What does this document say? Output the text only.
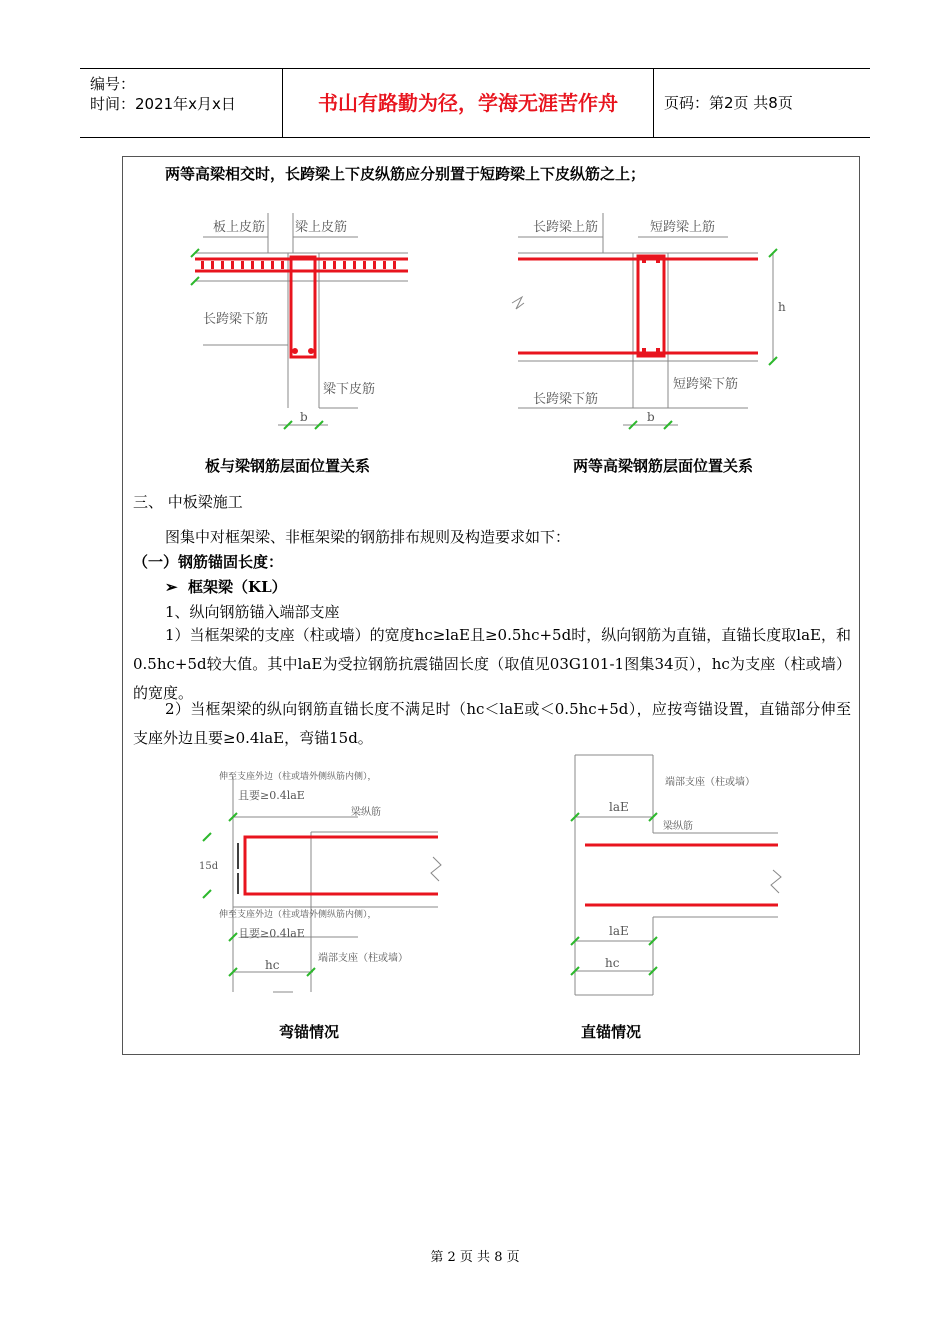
编号：
时间：2021年x月x日	书山有路勤为径，学海无涯苦作舟	页码：第2页 共8页
两等高梁相交时，长跨梁上下皮纵筋应分别置于短跨梁上下皮纵筋之上；
板上皮筋 梁上皮筋
长跨梁下筋
梁下皮筋
b
板与梁钢筋层面位置关系
长跨梁上筋	短跨梁上筋
长跨梁下筋
短跨梁下筋
h
b
两等高梁钢筋层面位置关系
三、 中板梁施工
图集中对框架梁、非框架梁的钢筋排布规则及构造要求如下：
（一）钢筋锚固长度：
➢ 框架梁（KL）
1、纵向钢筋锚入端部支座
1）当框架梁的支座（柱或墙）的宽度hc≥laE且≥0.5hc+5d时，纵向钢筋为直锚，直锚长度取laE，和0.5hc+5d较大值。其中laE为受拉钢筋抗震锚固长度（取值见03G101-1图集34页），hc为支座（柱或墙）的宽度。
2）当框架梁的纵向钢筋直锚长度不满足时（hc＜laE或＜0.5hc+5d），应按弯锚设置，直锚部分伸至支座外边且要≥0.4laE，弯锚15d。
伸至支座外边（柱或墙外侧纵筋内侧），
且要≥0.4laE
梁纵筋
15d
伸至支座外边（柱或墙外侧纵筋内侧），
且要≥0.4laE
端部支座（柱或墙）
hc
弯锚情况
端部支座（柱或墙）
laE
梁纵筋
laE
hc
直锚情况
第 2 页 共 8 页
